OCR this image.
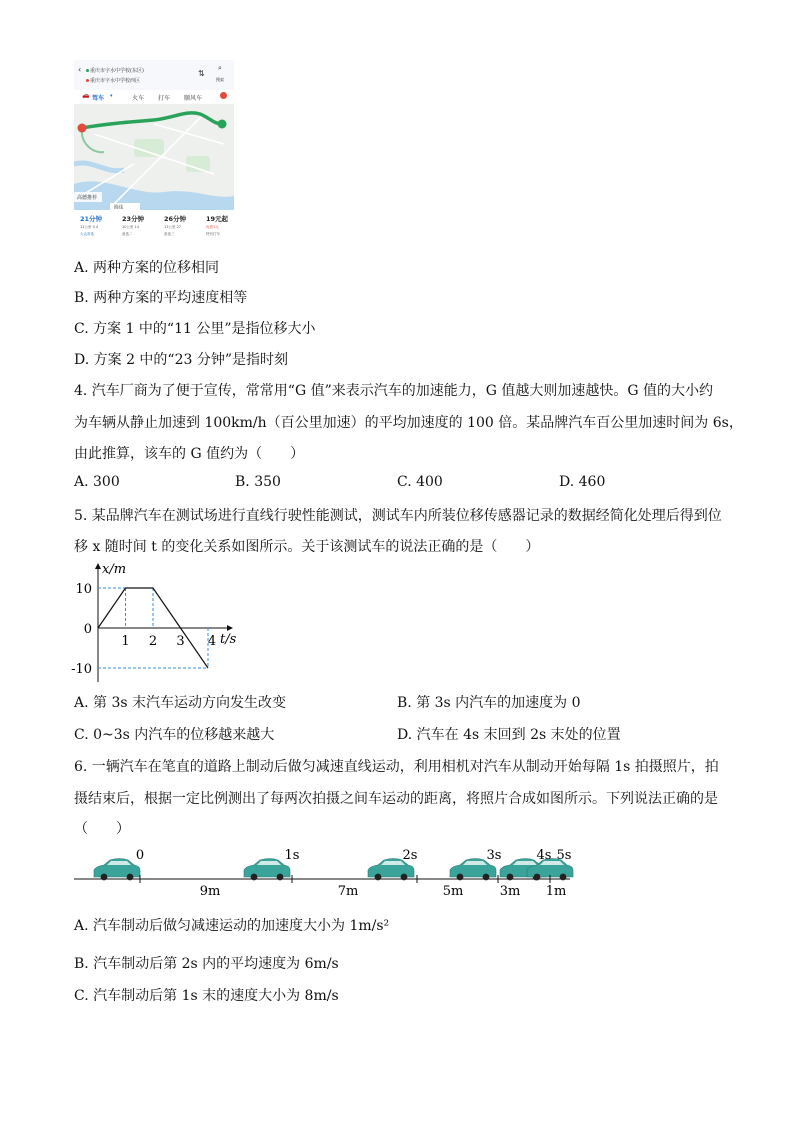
‹ 重庆市字水中学校(东区)
重庆市字水中学校西区
⇅
⌕
搜索
🚗 驾车 ▾	火车 打车 顺风车
高德推荐
路线
21分钟
11公里 0 4
大众常选
23分钟
10公里 14
备选二
26分钟
13公里 27
备选三
19元起
优惠1元
特价打车
A. 两种方案的位移相同
B. 两种方案的平均速度相等
C. 方案 1 中的“11 公里”是指位移大小
D. 方案 2 中的“23 分钟”是指时刻
4. 汽车厂商为了便于宣传，常常用“G 值”来表示汽车的加速能力，G 值越大则加速越快。G 值的大小约
为车辆从静止加速到 100km/h（百公里加速）的平均加速度的 100 倍。某品牌汽车百公里加速时间为 6s，
由此推算，该车的 G 值约为（　　）
A. 300	B. 350	C. 400	D. 460
5. 某品牌汽车在测试场进行直线行驶性能测试，测试车内所装位移传感器记录的数据经简化处理后得到位
移 x 随时间 t 的变化关系如图所示。关于该测试车的说法正确的是（　　）
x/m
t/s
10
0
-10
1 2 3 4
A. 第 3s 末汽车运动方向发生改变	B. 第 3s 内汽车的加速度为 0
C. 0~3s 内汽车的位移越来越大	D. 汽车在 4s 末回到 2s 末处的位置
6. 一辆汽车在笔直的道路上制动后做匀减速直线运动，利用相机对汽车从制动开始每隔 1s 拍摄照片，拍
摄结束后，根据一定比例测出了每两次拍摄之间车运动的距离，将照片合成如图所示。下列说法正确的是
（　　）
0	1s	2s	3s	4s 5s
9m	7m	5m	3m 1m
A. 汽车制动后做匀减速运动的加速度大小为 1m/s²
B. 汽车制动后第 2s 内的平均速度为 6m/s
C. 汽车制动后第 1s 末的速度大小为 8m/s
